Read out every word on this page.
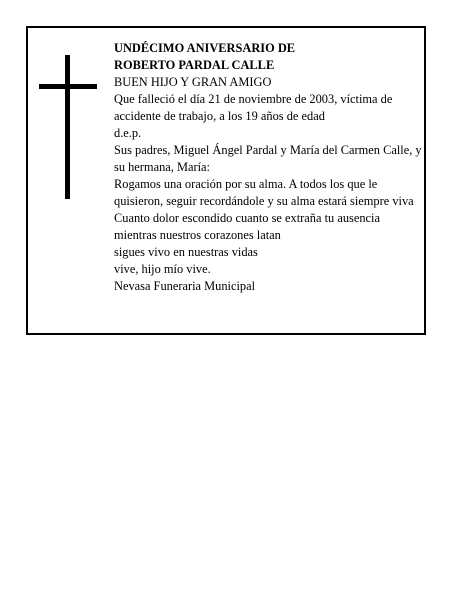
UNDÉCIMO ANIVERSARIO DE

ROBERTO PARDAL CALLE

BUEN HIJO Y GRAN AMIGO

Que falleció el día 21 de noviembre de 2003, víctima de accidente de trabajo, a los 19 años de edad

d.e.p.

Sus padres, Miguel Ángel Pardal y María del Carmen Calle, y su hermana, María:

Rogamos una oración por su alma. A todos los que le quisieron, seguir recordándole y su alma estará siempre viva

Cuanto dolor escondido cuanto se extraña tu ausencia

mientras nuestros corazones latan

sigues vivo en nuestras vidas

vive, hijo mío vive.

Nevasa Funeraria Municipal
